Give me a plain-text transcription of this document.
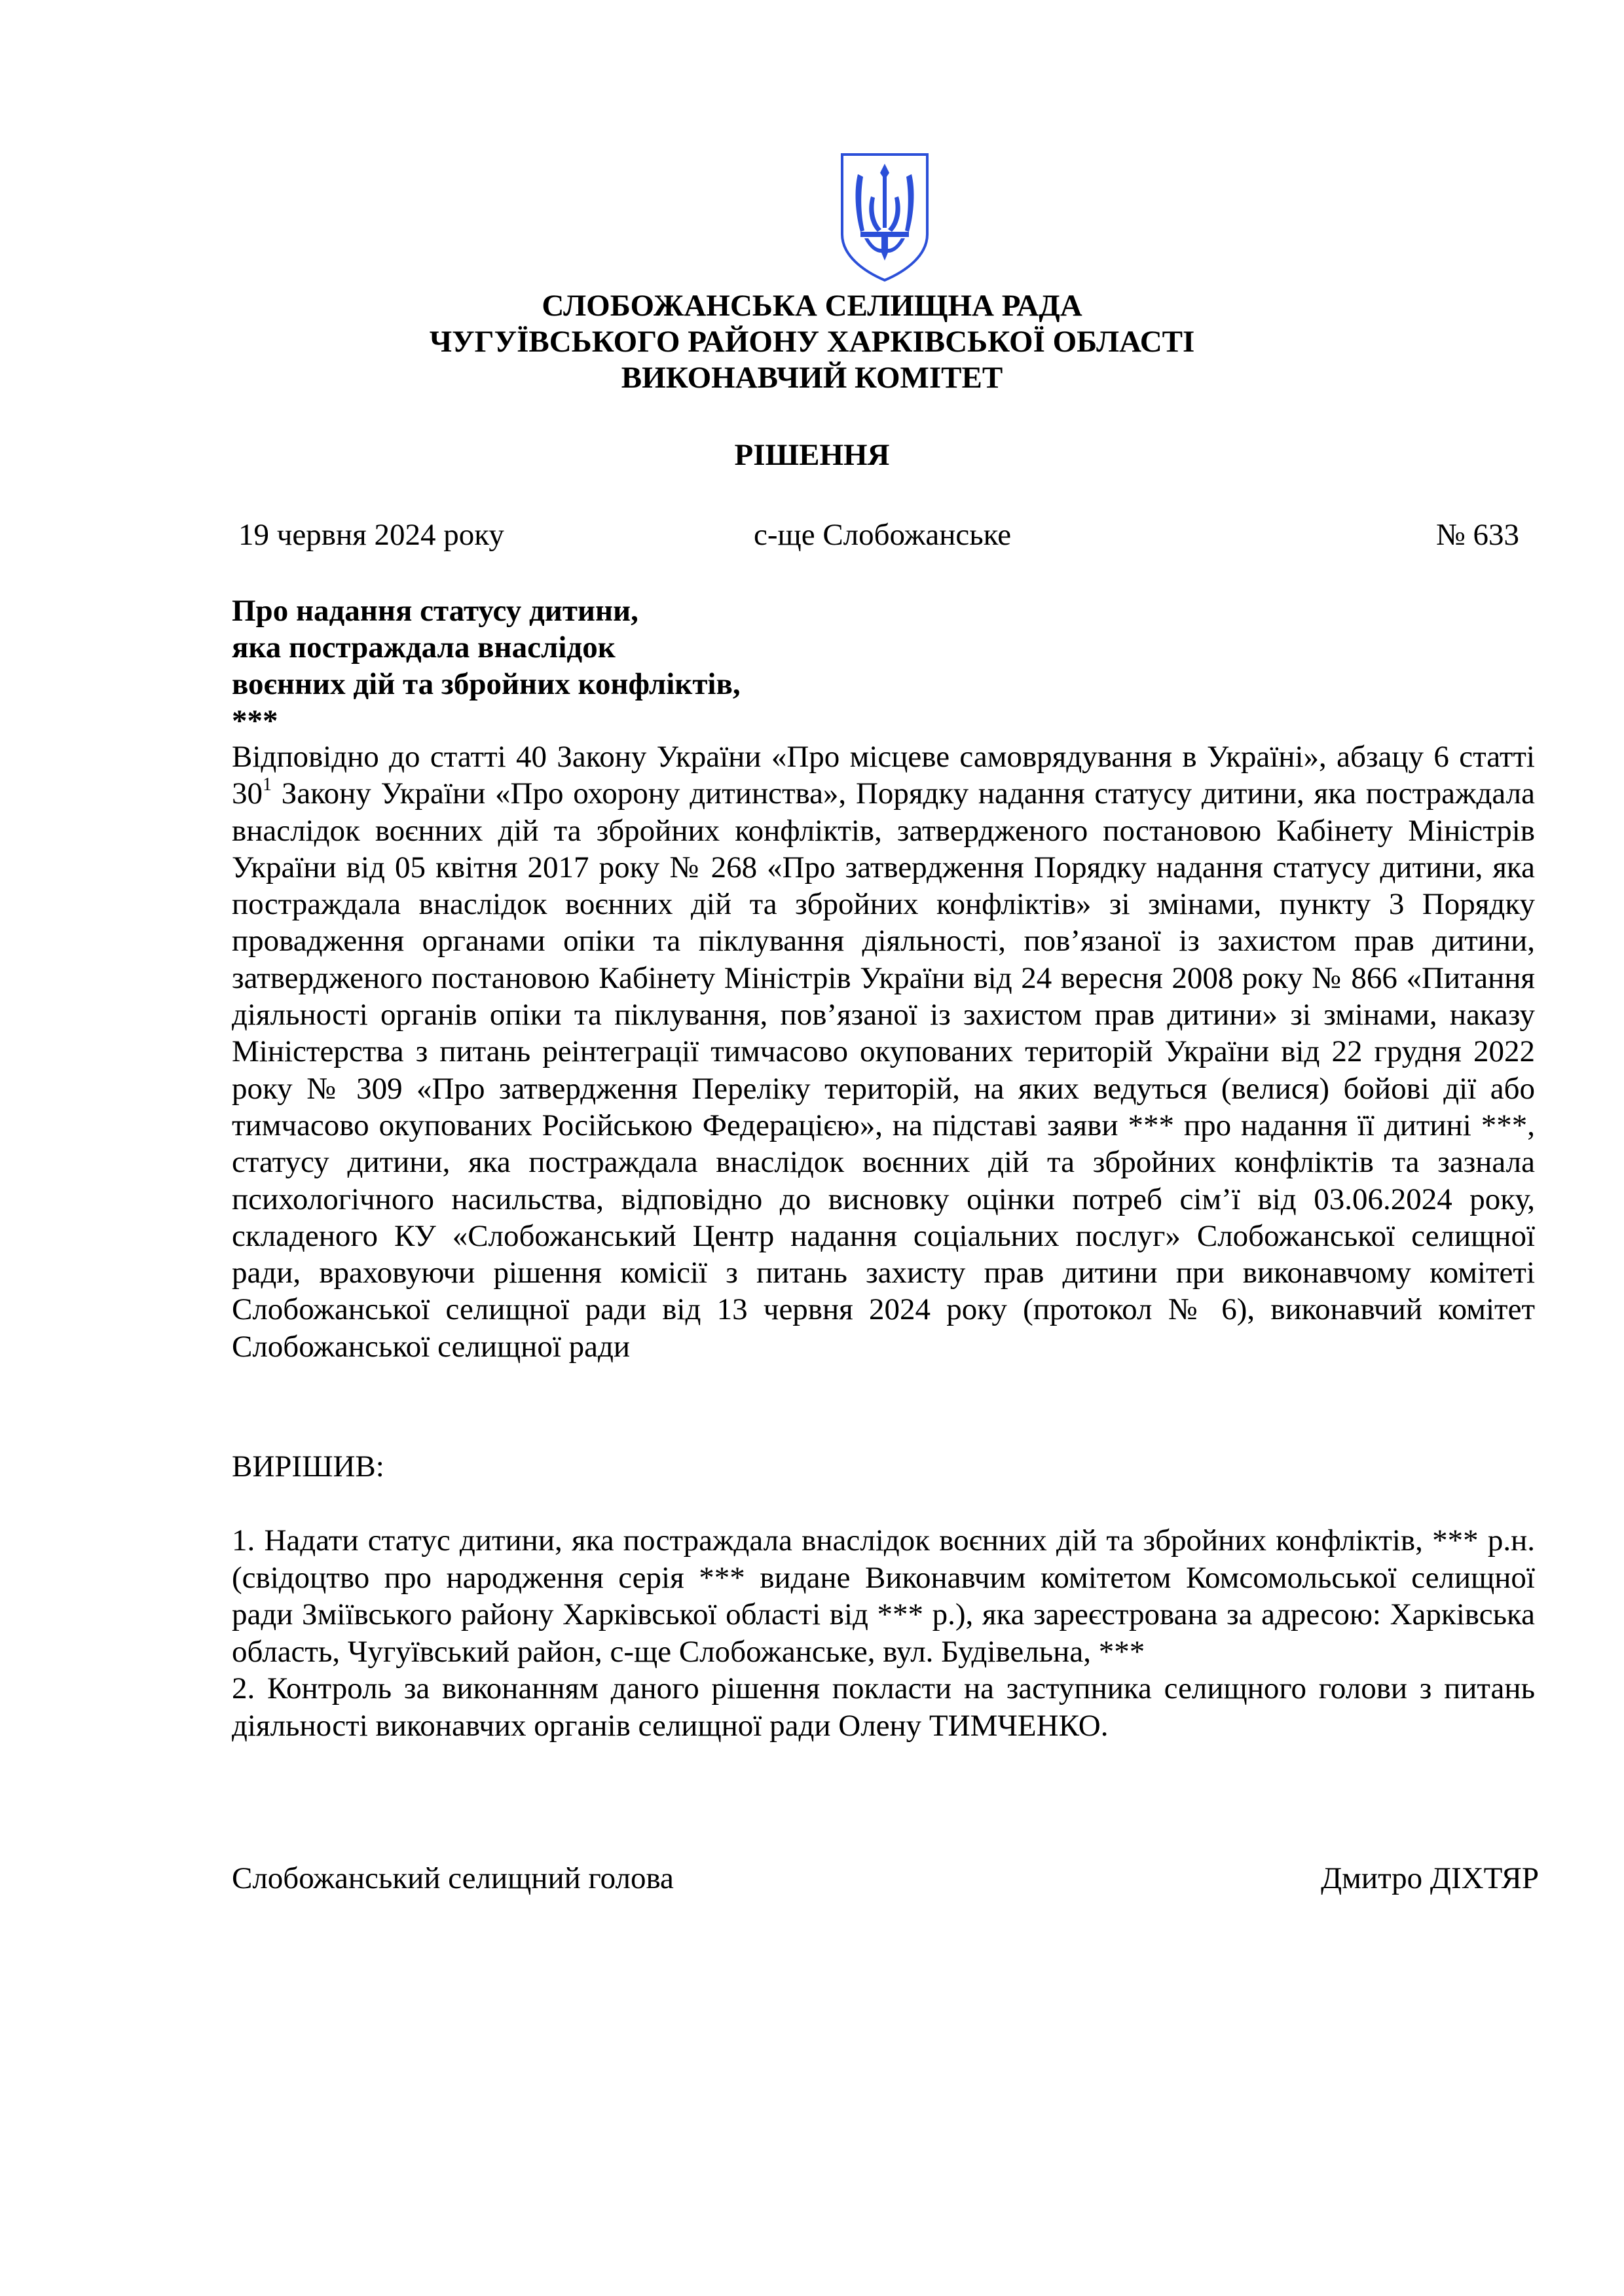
СЛОБОЖАНСЬКА СЕЛИЩНА РАДА
ЧУГУЇВСЬКОГО РАЙОНУ ХАРКІВСЬКОЇ ОБЛАСТІ
ВИКОНАВЧИЙ КОМІТЕТ
РІШЕННЯ
19 червня 2024 року	с-ще Слобожанське	№ 633
Про надання статусу дитини,
яка постраждала внаслідок
воєнних дій та збройних конфліктів,
***
Відповідно до статті 40 Закону України «Про місцеве самоврядування в Україні», абзацу 6 статті $30^1$ Закону України «Про охорону дитинства», Порядку надання статусу дитини, яка постраждала внаслідок воєнних дій та збройних конфліктів, затвердженого постановою Кабінету Міністрів України від 05 квітня 2017 року № 268 «Про затвердження Порядку надання статусу дитини, яка постраждала внаслідок воєнних дій та збройних конфліктів» зі змінами, пункту 3 Порядку провадження органами опіки та піклування діяльності, пов’язаної із захистом прав дитини, затвердженого постановою Кабінету Міністрів України від 24 вересня 2008 року № 866 «Питання діяльності органів опіки та піклування, пов’язаної із захистом прав дитини» зі змінами, наказу Міністерства з питань реінтеграції тимчасово окупованих територій України від 22 грудня 2022 року № 309 «Про затвердження Переліку територій, на яких ведуться (велися) бойові дії або тимчасово окупованих Російською Федерацією», на підставі заяви *** про надання її дитині ***, статусу дитини, яка постраждала внаслідок воєнних дій та збройних конфліктів та зазнала психологічного насильства, відповідно до висновку оцінки потреб сім’ї від 03.06.2024 року, складеного КУ «Слобожанський Центр надання соціальних послуг» Слобожанської селищної ради, враховуючи рішення комісії з питань захисту прав дитини при виконавчому комітеті Слобожанської селищної ради від 13 червня 2024 року (протокол № 6), виконавчий комітет Слобожанської селищної ради
ВИРІШИВ:

1. Надати статус дитини, яка постраждала внаслідок воєнних дій та збройних конфліктів, *** р.н. (свідоцтво про народження серія *** видане Виконавчим комітетом Комсомольської селищної ради Зміївського району Харківської області від *** р.), яка зареєстрована за адресою: Харківська область, Чугуївський район, с-ще Слобожанське, вул. Будівельна, ***

2. Контроль за виконанням даного рішення покласти на заступника селищного голови з питань діяльності виконавчих органів селищної ради Олену ТИМЧЕНКО.

Слобожанський селищний голова	Дмитро ДІХТЯР
